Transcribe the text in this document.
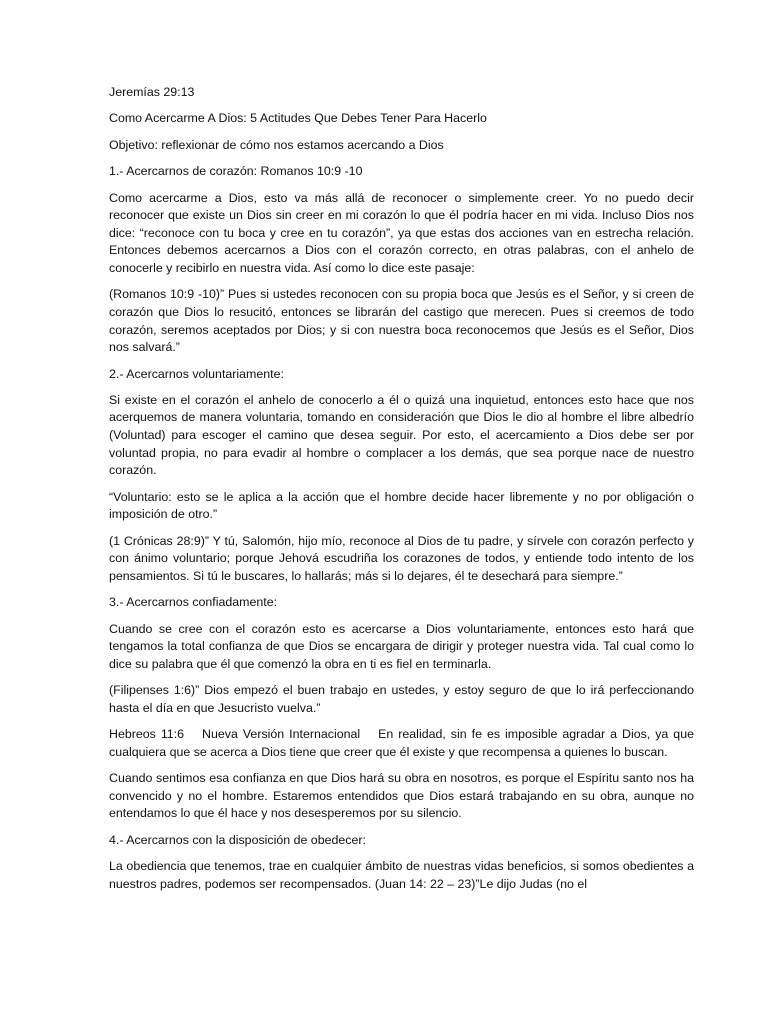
Jeremías 29:13

Como Acercarme A Dios: 5 Actitudes Que Debes Tener Para Hacerlo

Objetivo: reflexionar de cómo nos estamos acercando a Dios

1.- Acercarnos de corazón: Romanos 10:9 -10

Como acercarme a Dios, esto va más allá de reconocer o simplemente creer. Yo no puedo decir reconocer que existe un Dios sin creer en mi corazón lo que él podría hacer en mi vida. Incluso Dios nos dice: “reconoce con tu boca y cree en tu corazón”, ya que estas dos acciones van en estrecha relación. Entonces debemos acercarnos a Dios con el corazón correcto, en otras palabras, con el anhelo de conocerle y recibirlo en nuestra vida. Así como lo dice este pasaje:

(Romanos 10:9 -10)” Pues si ustedes reconocen con su propia boca que Jesús es el Señor, y si creen de corazón que Dios lo resucitó, entonces se librarán del castigo que merecen. Pues si creemos de todo corazón, seremos aceptados por Dios; y si con nuestra boca reconocemos que Jesús es el Señor, Dios nos salvará.”

2.- Acercarnos voluntariamente:

Si existe en el corazón el anhelo de conocerlo a él o quizá una inquietud, entonces esto hace que nos acerquemos de manera voluntaria, tomando en consideración que Dios le dio al hombre el libre albedrío (Voluntad) para escoger el camino que desea seguir. Por esto, el acercamiento a Dios debe ser por voluntad propia, no para evadir al hombre o complacer a los demás, que sea porque nace de nuestro corazón.

“Voluntario: esto se le aplica a la acción que el hombre decide hacer libremente y no por obligación o imposición de otro.”

(1 Crónicas 28:9)” Y tú, Salomón, hijo mío, reconoce al Dios de tu padre, y sírvele con corazón perfecto y con ánimo voluntario; porque Jehová escudriña los corazones de todos, y entiende todo intento de los pensamientos. Si tú le buscares, lo hallarás; más si lo dejares, él te desechará para siempre.”

3.- Acercarnos confiadamente:

Cuando se cree con el corazón esto es acercarse a Dios voluntariamente, entonces esto hará que tengamos la total confianza de que Dios se encargara de dirigir y proteger nuestra vida. Tal cual como lo dice su palabra que él que comenzó la obra en ti es fiel en terminarla.

(Filipenses 1:6)” Dios empezó el buen trabajo en ustedes, y estoy seguro de que lo irá perfeccionando hasta el día en que Jesucristo vuelva.”

Hebreos 11:6 Nueva Versión Internacional En realidad, sin fe es imposible agradar a Dios, ya que cualquiera que se acerca a Dios tiene que creer que él existe y que recompensa a quienes lo buscan.

Cuando sentimos esa confianza en que Dios hará su obra en nosotros, es porque el Espíritu santo nos ha convencido y no el hombre. Estaremos entendidos que Dios estará trabajando en su obra, aunque no entendamos lo que él hace y nos desesperemos por su silencio.

4.- Acercarnos con la disposición de obedecer:

La obediencia que tenemos, trae en cualquier ámbito de nuestras vidas beneficios, si somos obedientes a nuestros padres, podemos ser recompensados. (Juan 14: 22 – 23)”Le dijo Judas (no el
